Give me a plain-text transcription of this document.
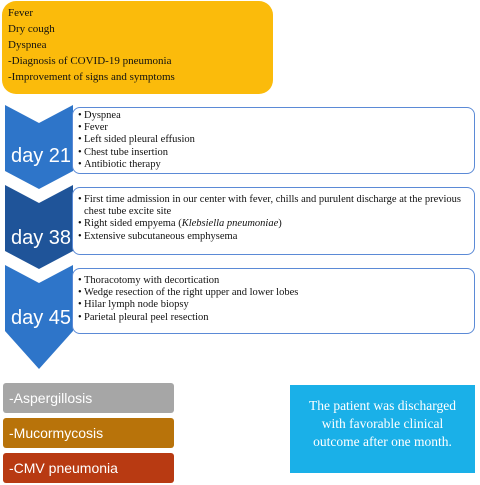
Fever
Dry cough
Dyspnea
-Diagnosis of COVID-19 pneumonia
-Improvement of signs and symptoms
day 21
day 38
day 45
• Dyspnea
• Fever
• Left sided pleural effusion
• Chest tube insertion
• Antibiotic therapy
• First time admission in our center with fever, chills and purulent discharge at the previous chest tube excite site
• Right sided empyema (Klebsiella pneumoniae)
• Extensive subcutaneous emphysema
• Thoracotomy with decortication
• Wedge resection of the right upper and lower lobes
• Hilar lymph node biopsy
• Parietal pleural peel resection
-Aspergillosis
-Mucormycosis
-CMV pneumonia
The patient was discharged with favorable clinical outcome after one month.
